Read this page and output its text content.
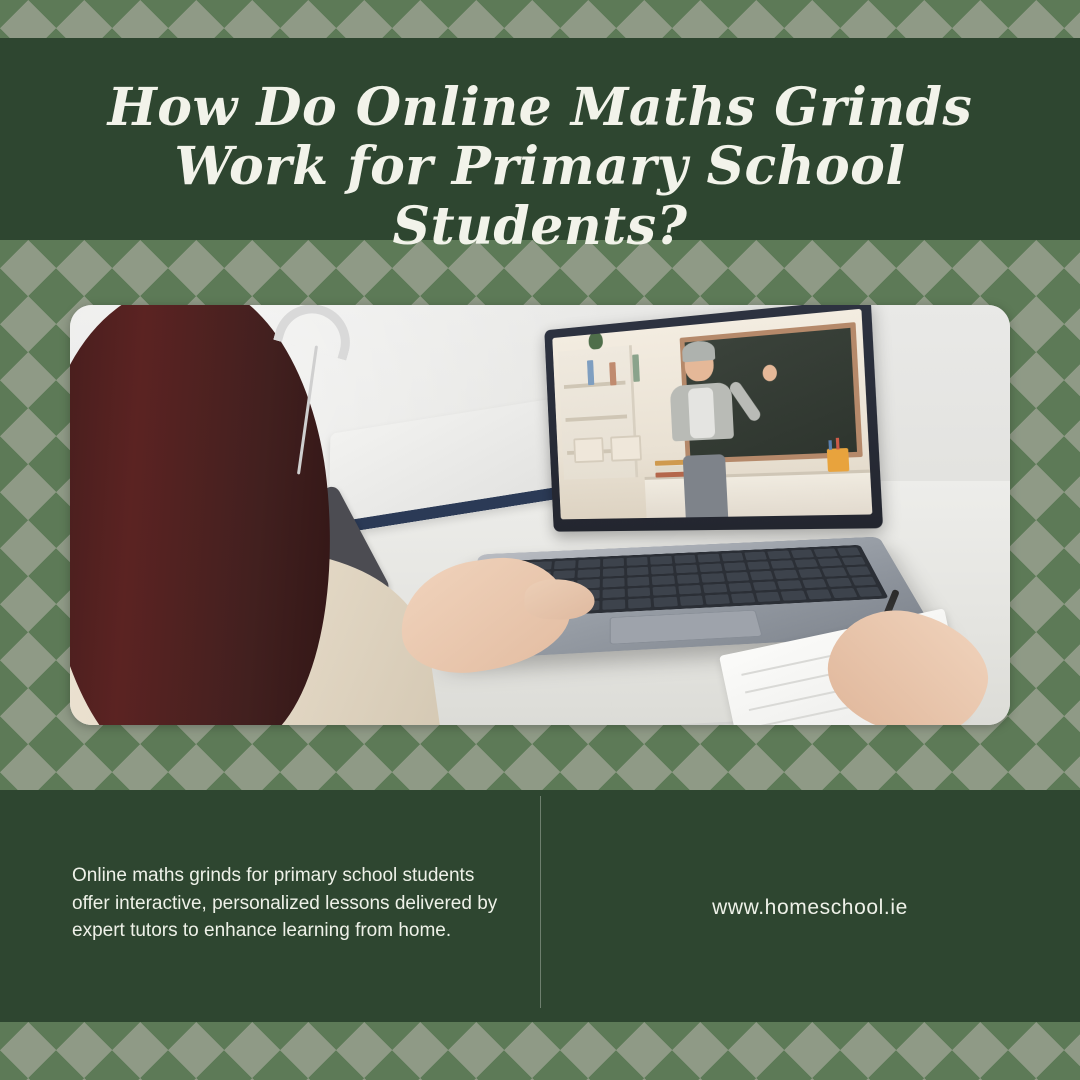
How Do Online Maths Grinds Work for Primary School Students?

Online maths grinds for primary school students offer interactive, personalized lessons delivered by expert tutors to enhance learning from home.

www.homeschool.ie
